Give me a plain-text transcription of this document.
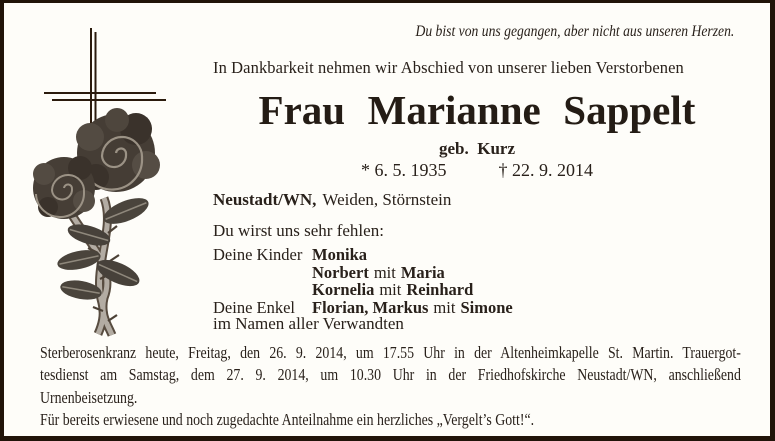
Du bist von uns gegangen, aber nicht aus unseren Herzen.
In Dankbarkeit nehmen wir Abschied von unserer lieben Verstorbenen
Frau Marianne Sappelt
geb. Kurz
* 6. 5. 1935	† 22. 9. 2014
Neustadt/WN, Weiden, Störnstein
Du wirst uns sehr fehlen:
Deine Kinder Monika
Norbert mit Maria
Kornelia mit Reinhard
Deine Enkel	Florian, Markus mit Simone
im Namen aller Verwandten
Sterberosenkranz heute, Freitag, den 26. 9. 2014, um 17.55 Uhr in der Altenheimkapelle St. Martin. Trauergot-
tesdienst am Samstag, dem 27. 9. 2014, um 10.30 Uhr in der Friedhofskirche Neustadt/WN, anschließend
Urnenbeisetzung.
Für bereits erwiesene und noch zugedachte Anteilnahme ein herzliches „Vergelt’s Gott!“.
